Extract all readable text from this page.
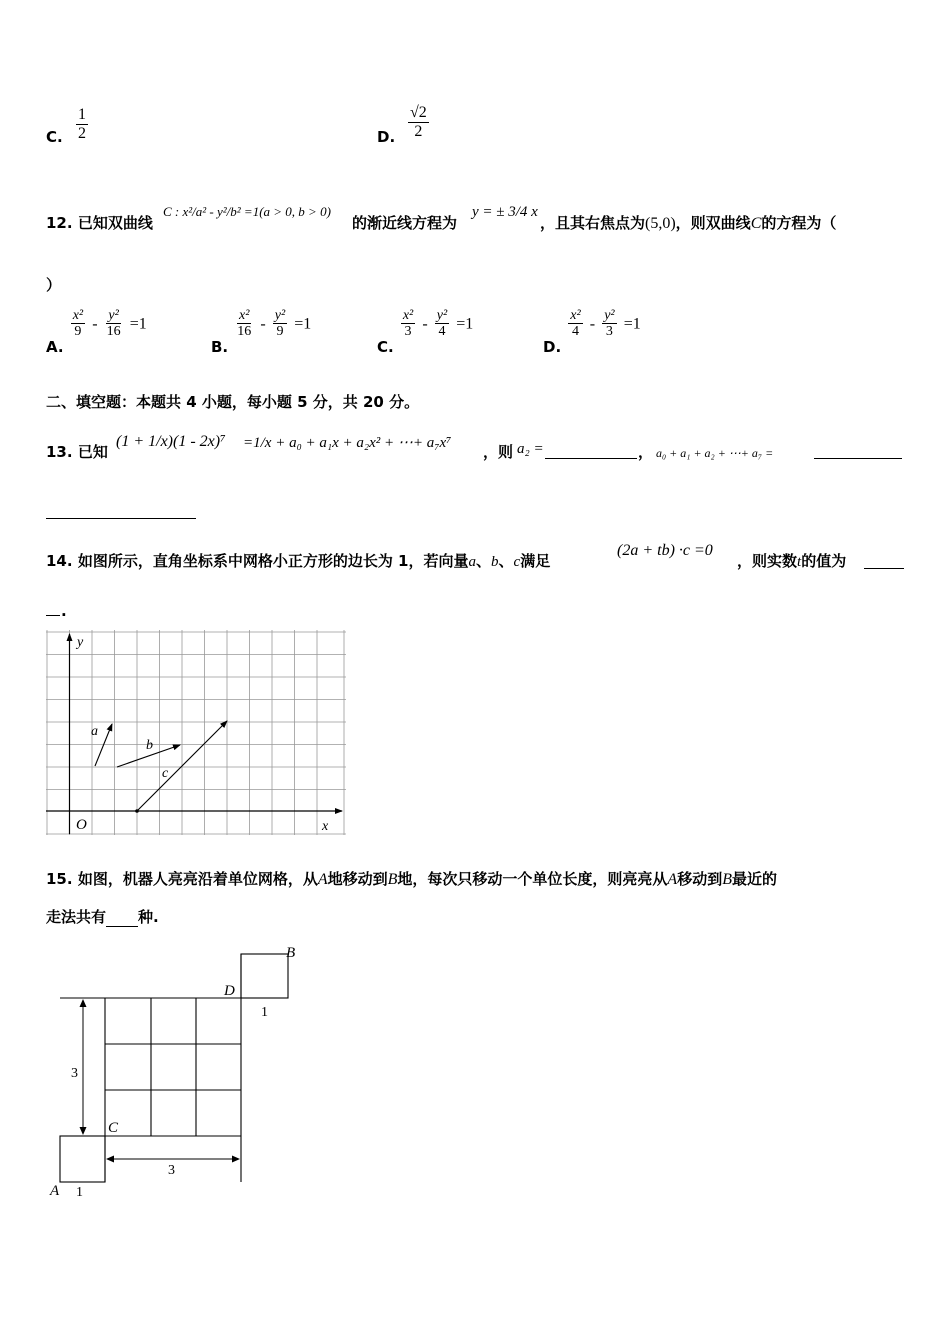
C. $\frac{1}{2}$	D. $\frac{√2}{2}$
12. 已知双曲线
C : x²/a² - y²/b² =1(a > 0, b > 0)
的渐近线方程为
y = ± 3/4 x
，且其右焦点为(5,0)，则双曲线C的方程为（
）
A.
$\frac{\text{x²}}{9} - \frac{\text{y²}}{16} =1$
B.
$\frac{\text{x²}}{16} - \frac{\text{y²}}{9} =1$
C.
$\frac{\text{x²}}{3} - \frac{\text{y²}}{4} =1$
D.
$\frac{\text{x²}}{4} - \frac{\text{y²}}{3} =1$
二、填空题：本题共 4 小题，每小题 5 分，共 20 分。
13. 已知
(1 + 1/x)(1 - 2x)⁷ =1/x + a₀ + a₁x + a₂x² + ⋯+ a₇x⁷ ，则 a₂ =	， a₀ + a₁ + a₂ + ⋯+ a₇ =
14. 如图所示，直角坐标系中网格小正方形的边长为 1，若向量a、b、c满足
(2a + tb) ·c =0
，则实数t的值为
.
y
x
O
a
b
c
15. 如图，机器人亮亮沿着单位网格，从A地移动到B地，每次只移动一个单位长度，则亮亮从A移动到B最近的
走法共有 种.
A 1
C
D
1
B
3
3
